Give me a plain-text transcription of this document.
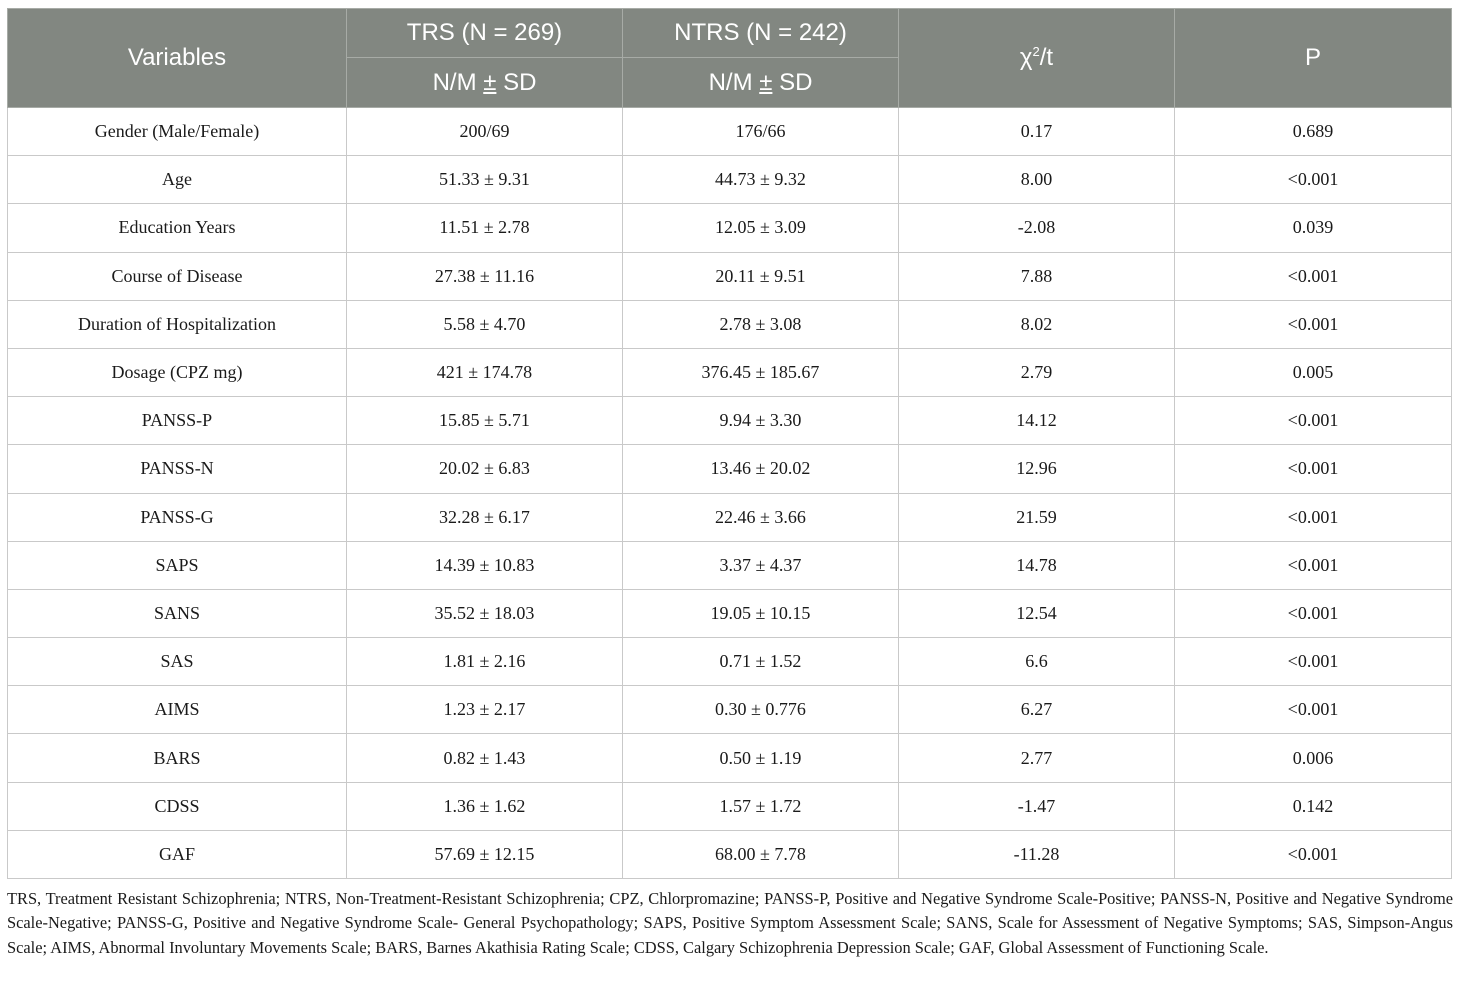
Variables	TRS (N = 269)	NTRS (N = 242)	$\chi^2/t$	P
	N/M ± SD	N/M ± SD		
Gender (Male/Female)	200/69	176/66	0.17	0.689
Age	51.33 ± 9.31	44.73 ± 9.32	8.00	<0.001
Education Years	11.51 ± 2.78	12.05 ± 3.09	-2.08	0.039
Course of Disease	27.38 ± 11.16	20.11 ± 9.51	7.88	<0.001
Duration of Hospitalization	5.58 ± 4.70	2.78 ± 3.08	8.02	<0.001
Dosage (CPZ mg)	421 ± 174.78	376.45 ± 185.67	2.79	0.005
PANSS-P	15.85 ± 5.71	9.94 ± 3.30	14.12	<0.001
PANSS-N	20.02 ± 6.83	13.46 ± 20.02	12.96	<0.001
PANSS-G	32.28 ± 6.17	22.46 ± 3.66	21.59	<0.001
SAPS	14.39 ± 10.83	3.37 ± 4.37	14.78	<0.001
SANS	35.52 ± 18.03	19.05 ± 10.15	12.54	<0.001
SAS	1.81 ± 2.16	0.71 ± 1.52	6.6	<0.001
AIMS	1.23 ± 2.17	0.30 ± 0.776	6.27	<0.001
BARS	0.82 ± 1.43	0.50 ± 1.19	2.77	0.006
CDSS	1.36 ± 1.62	1.57 ± 1.72	-1.47	0.142
GAF	57.69 ± 12.15	68.00 ± 7.78	-11.28	<0.001

TRS, Treatment Resistant Schizophrenia; NTRS, Non-Treatment-Resistant Schizophrenia; CPZ, Chlorpromazine; PANSS-P, Positive and Negative Syndrome Scale-Positive; PANSS-N, Positive and Negative Syndrome Scale-Negative; PANSS-G, Positive and Negative Syndrome Scale- General Psychopathology; SAPS, Positive Symptom Assessment Scale; SANS, Scale for Assessment of Negative Symptoms; SAS, Simpson-Angus Scale; AIMS, Abnormal Involuntary Movements Scale; BARS, Barnes Akathisia Rating Scale; CDSS, Calgary Schizophrenia Depression Scale; GAF, Global Assessment of Functioning Scale.
